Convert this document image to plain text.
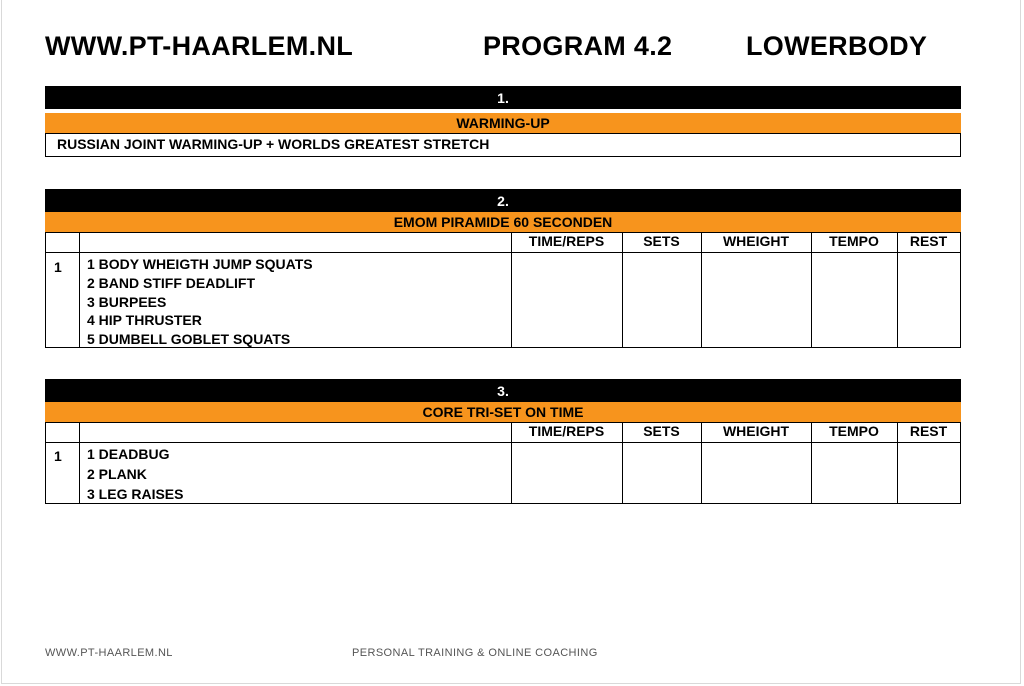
WWW.PT-HAARLEM.NL	PROGRAM 4.2	LOWERBODY
1.
WARMING-UP
RUSSIAN JOINT WARMING-UP + WORLDS GREATEST STRETCH
2.
EMOM PIRAMIDE 60 SECONDEN
TIME/REPS	SETS	WHEIGHT	TEMPO	REST
1 1 BODY WHEIGTH JUMP SQUATS
2 BAND STIFF DEADLIFT
3 BURPEES
4 HIP THRUSTER
5 DUMBELL GOBLET SQUATS
3.
CORE TRI-SET ON TIME
TIME/REPS	SETS	WHEIGHT	TEMPO	REST
1 1 DEADBUG
2 PLANK
3 LEG RAISES
WWW.PT-HAARLEM.NL	PERSONAL TRAINING & ONLINE COACHING
